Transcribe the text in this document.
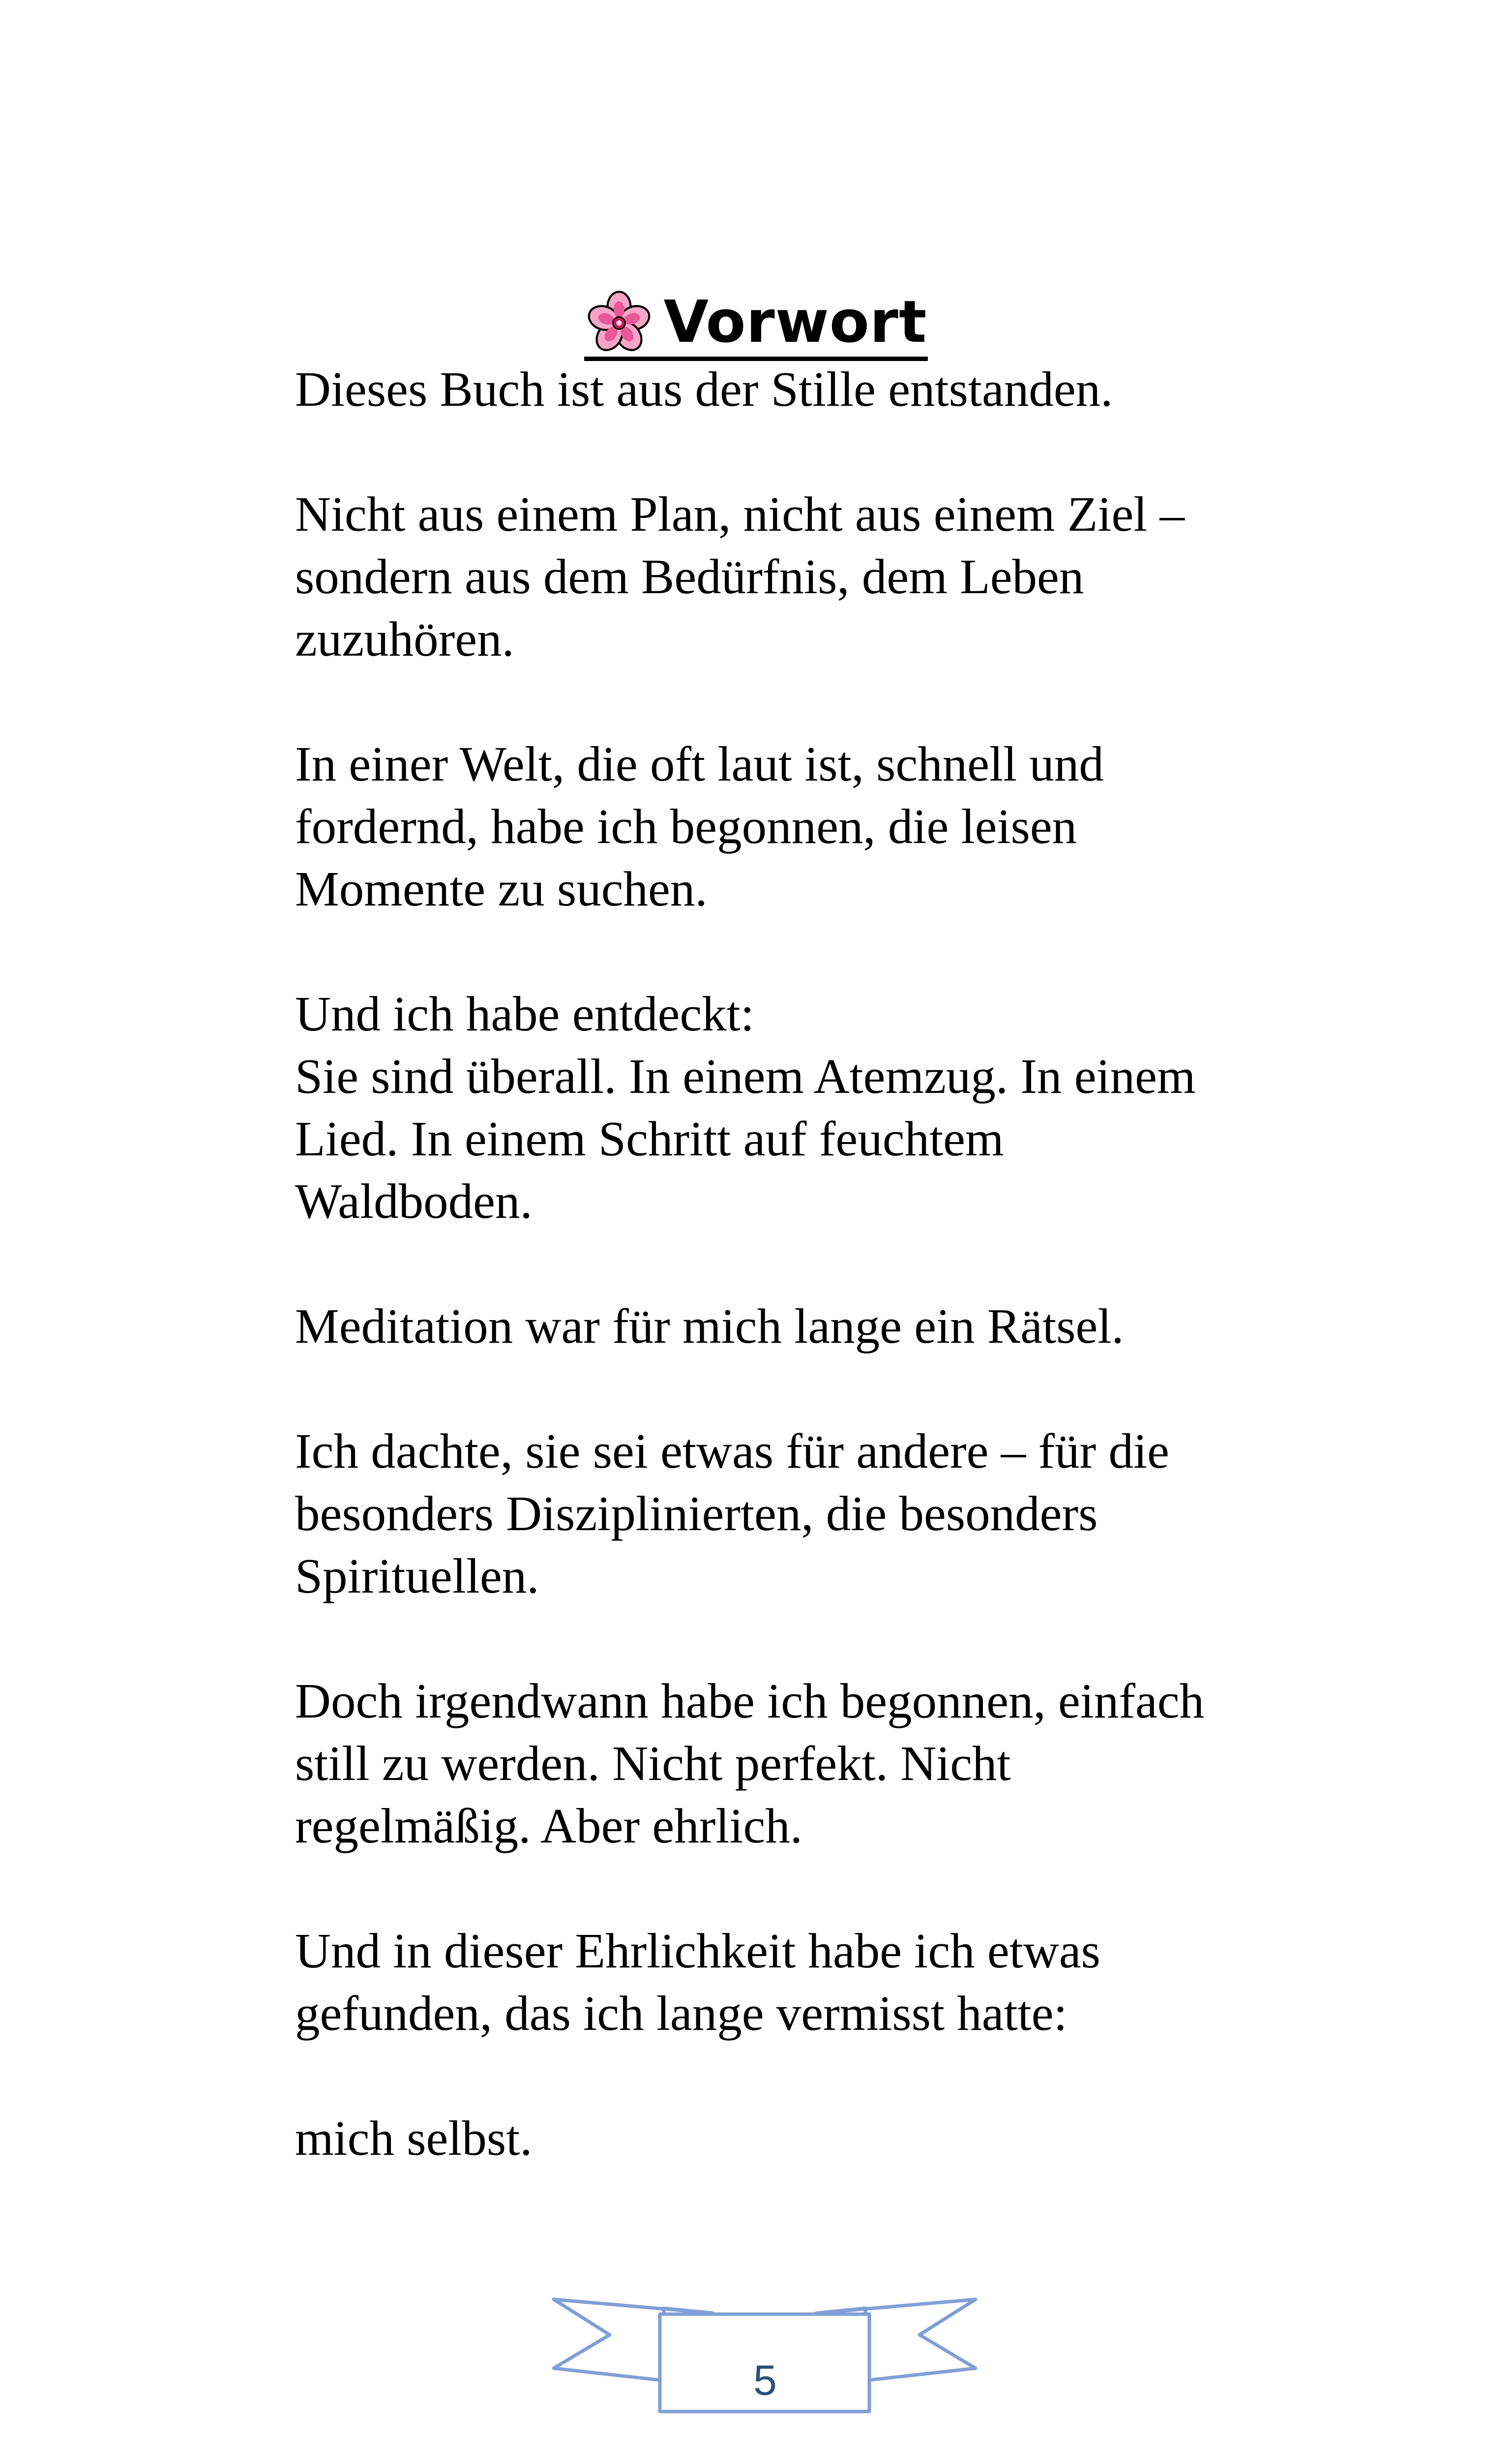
Vorwort

Dieses Buch ist aus der Stille entstanden.

Nicht aus einem Plan, nicht aus einem Ziel –
sondern aus dem Bedürfnis, dem Leben
zuzuhören.

In einer Welt, die oft laut ist, schnell und
fordernd, habe ich begonnen, die leisen
Momente zu suchen.

Und ich habe entdeckt:
Sie sind überall. In einem Atemzug. In einem
Lied. In einem Schritt auf feuchtem
Waldboden.

Meditation war für mich lange ein Rätsel.

Ich dachte, sie sei etwas für andere – für die
besonders Disziplinierten, die besonders
Spirituellen.

Doch irgendwann habe ich begonnen, einfach
still zu werden. Nicht perfekt. Nicht
regelmäßig. Aber ehrlich.

Und in dieser Ehrlichkeit habe ich etwas
gefunden, das ich lange vermisst hatte:

mich selbst.

5
